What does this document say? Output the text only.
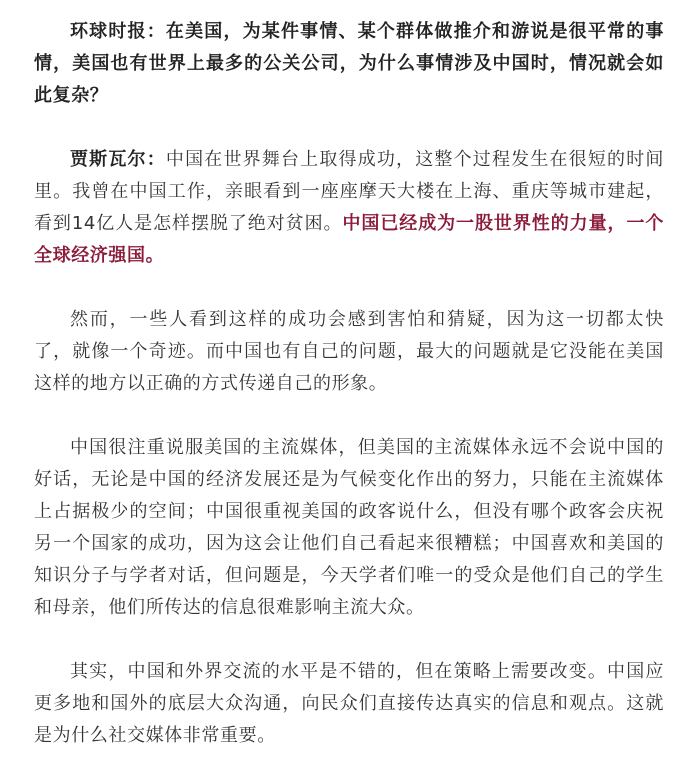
环球时报：在美国，为某件事情、某个群体做推介和游说是很平常的事情，美国也有世界上最多的公关公司，为什么事情涉及中国时，情况就会如此复杂？

贾斯瓦尔：中国在世界舞台上取得成功，这整个过程发生在很短的时间里。我曾在中国工作，亲眼看到一座座摩天大楼在上海、重庆等城市建起，看到14亿人是怎样摆脱了绝对贫困。中国已经成为一股世界性的力量，一个全球经济强国。

然而，一些人看到这样的成功会感到害怕和猜疑，因为这一切都太快了，就像一个奇迹。而中国也有自己的问题，最大的问题就是它没能在美国这样的地方以正确的方式传递自己的形象。

中国很注重说服美国的主流媒体，但美国的主流媒体永远不会说中国的好话，无论是中国的经济发展还是为气候变化作出的努力，只能在主流媒体上占据极少的空间；中国很重视美国的政客说什么，但没有哪个政客会庆祝另一个国家的成功，因为这会让他们自己看起来很糟糕；中国喜欢和美国的知识分子与学者对话，但问题是，今天学者们唯一的受众是他们自己的学生和母亲，他们所传达的信息很难影响主流大众。

其实，中国和外界交流的水平是不错的，但在策略上需要改变。中国应更多地和国外的底层大众沟通，向民众们直接传达真实的信息和观点。这就是为什么社交媒体非常重要。
